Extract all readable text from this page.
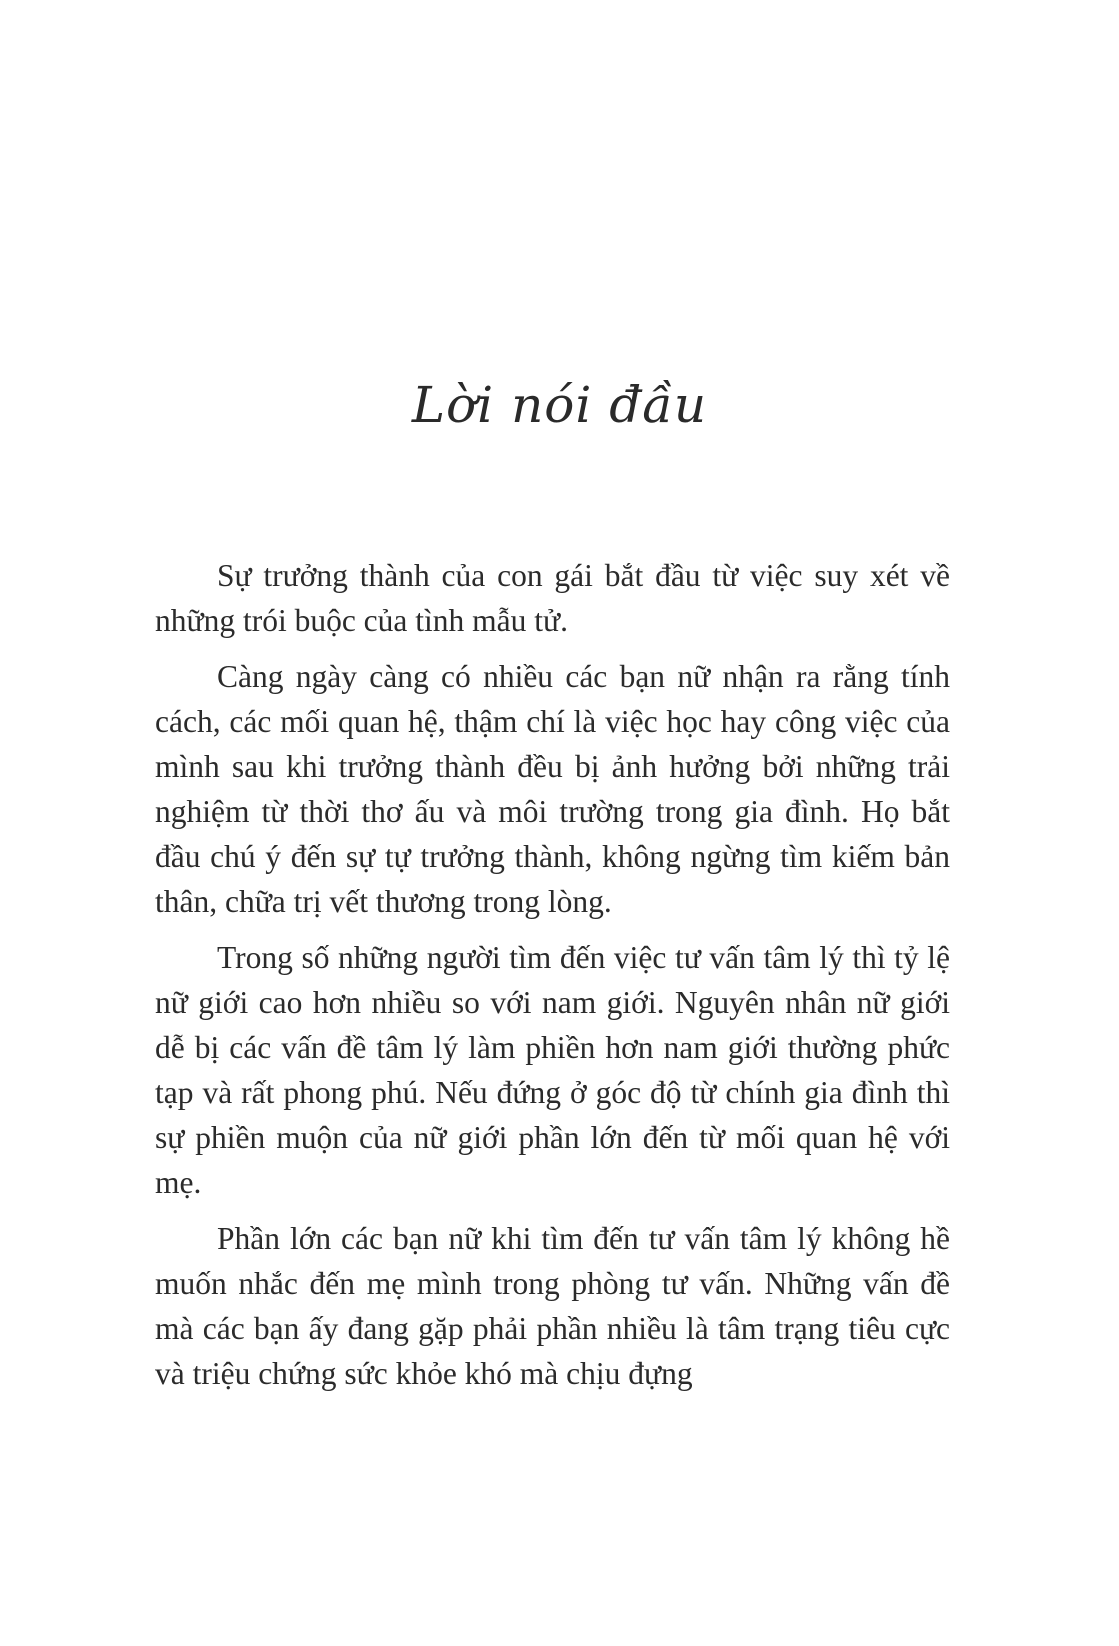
Lời nói đầu

Sự trưởng thành của con gái bắt đầu từ việc suy xét về những trói buộc của tình mẫu tử.

Càng ngày càng có nhiều các bạn nữ nhận ra rằng tính cách, các mối quan hệ, thậm chí là việc học hay công việc của mình sau khi trưởng thành đều bị ảnh hưởng bởi những trải nghiệm từ thời thơ ấu và môi trường trong gia đình. Họ bắt đầu chú ý đến sự tự trưởng thành, không ngừng tìm kiếm bản thân, chữa trị vết thương trong lòng.

Trong số những người tìm đến việc tư vấn tâm lý thì tỷ lệ nữ giới cao hơn nhiều so với nam giới. Nguyên nhân nữ giới dễ bị các vấn đề tâm lý làm phiền hơn nam giới thường phức tạp và rất phong phú. Nếu đứng ở góc độ từ chính gia đình thì sự phiền muộn của nữ giới phần lớn đến từ mối quan hệ với mẹ.

Phần lớn các bạn nữ khi tìm đến tư vấn tâm lý không hề muốn nhắc đến mẹ mình trong phòng tư vấn. Những vấn đề mà các bạn ấy đang gặp phải phần nhiều là tâm trạng tiêu cực và triệu chứng sức khỏe khó mà chịu đựng
